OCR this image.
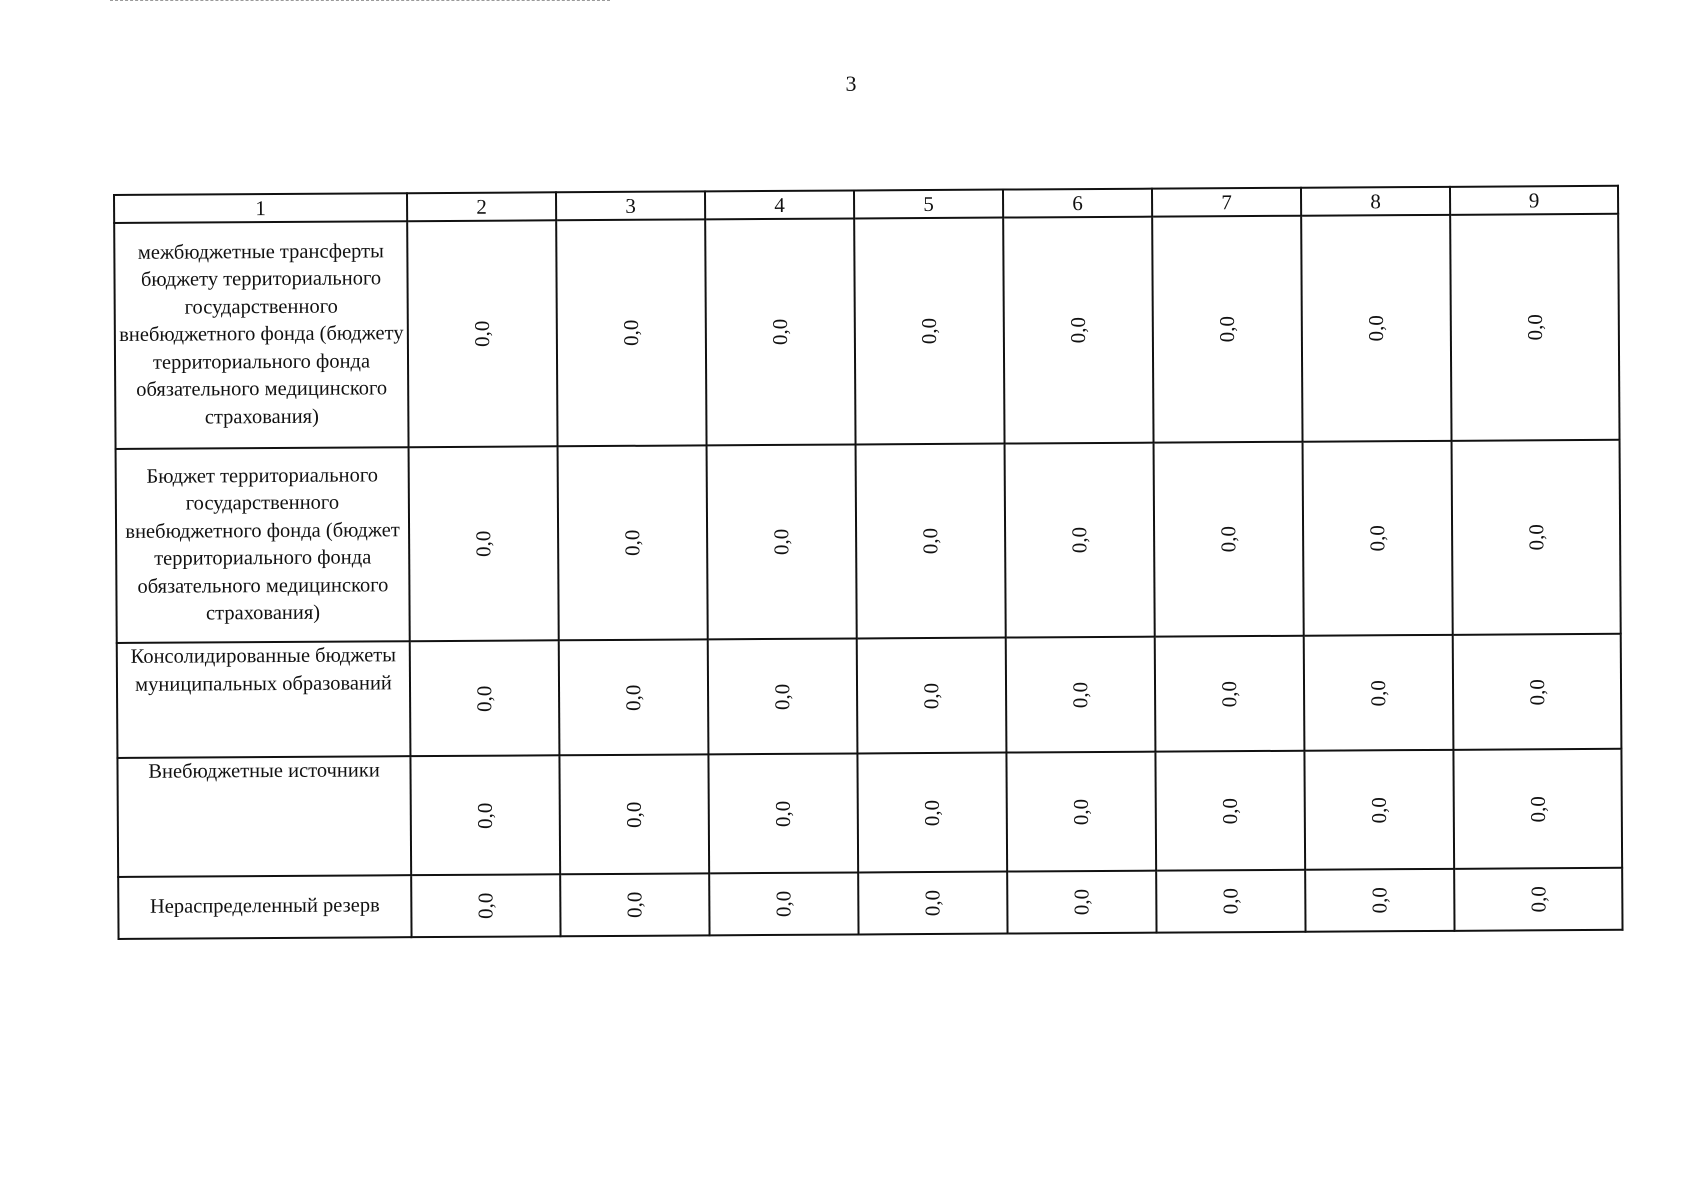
3
1	2	3	4	5	6	7	8	9
межбюджетные трансферты бюджету территориального государственного внебюджетного фонда (бюджету территориального фонда обязательного медицинского страхования)	0,0	0,0	0,0	0,0	0,0	0,0	0,0	0,0
Бюджет территориального государственного внебюджетного фонда (бюджет территориального фонда обязательного медицинского страхования)	0,0	0,0	0,0	0,0	0,0	0,0	0,0	0,0
Консолидированные бюджеты муниципальных образований	0,0	0,0	0,0	0,0	0,0	0,0	0,0	0,0
Внебюджетные источники	0,0	0,0	0,0	0,0	0,0	0,0	0,0	0,0
Нераспределенный резерв	0,0	0,0	0,0	0,0	0,0	0,0	0,0	0,0
